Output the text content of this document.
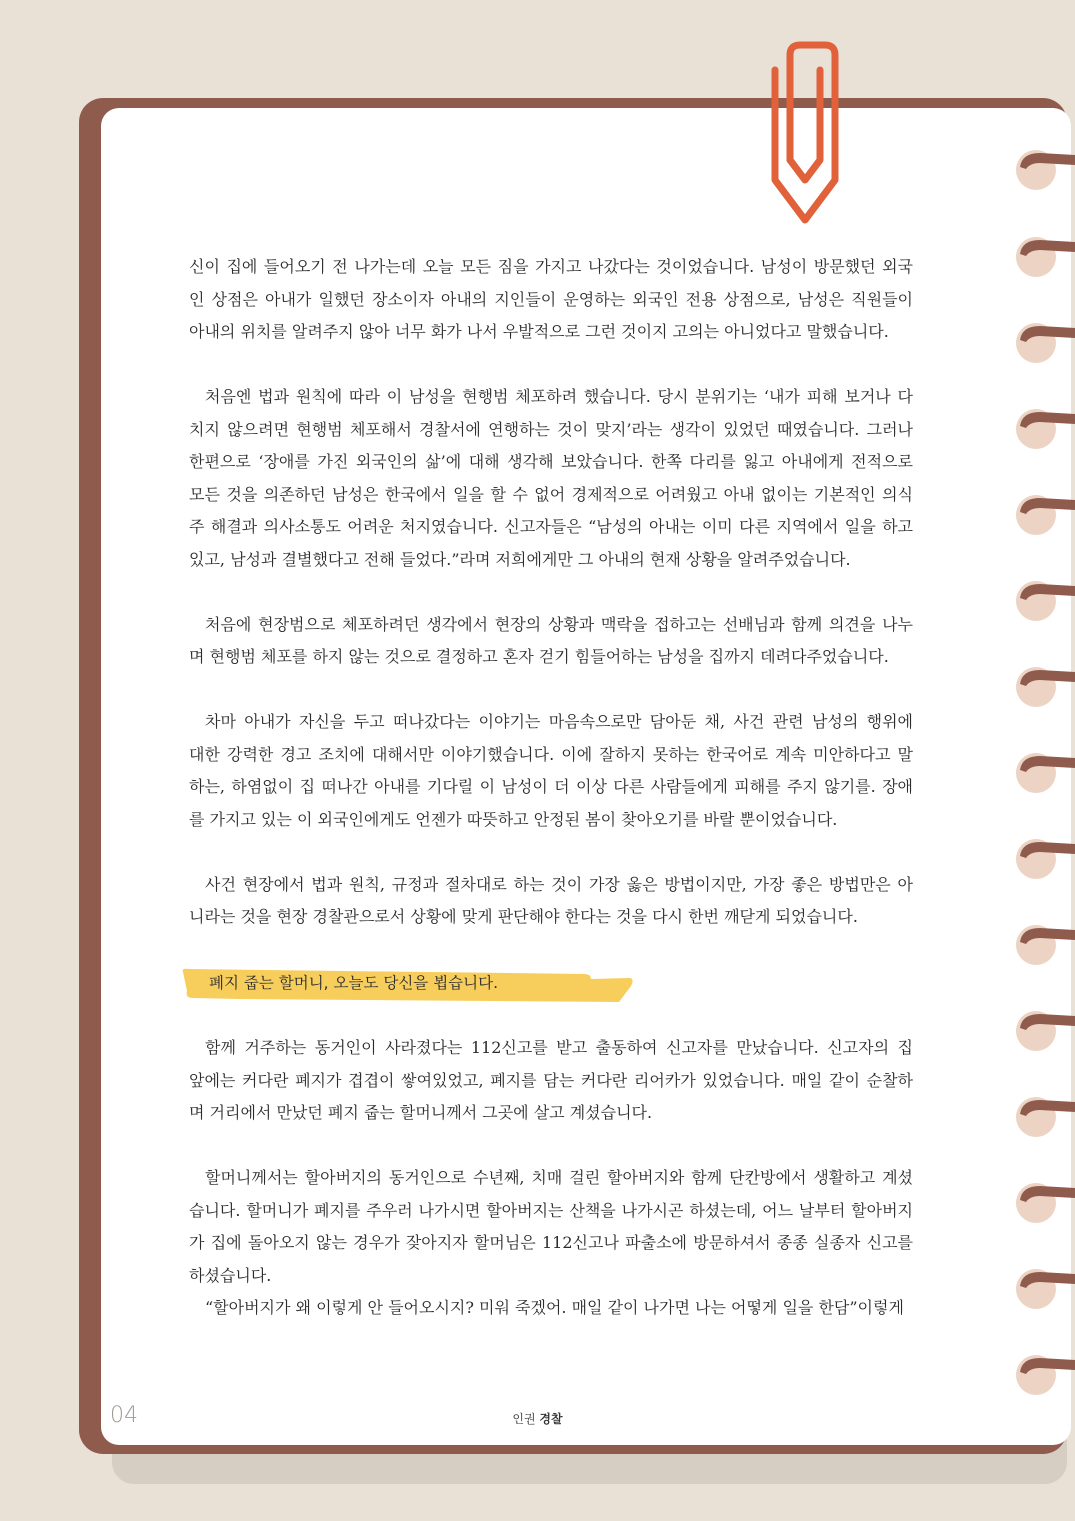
신이 집에 들어오기 전 나가는데 오늘 모든 짐을 가지고 나갔다는 것이었습니다. 남성이 방문했던 외국
인 상점은 아내가 일했던 장소이자 아내의 지인들이 운영하는 외국인 전용 상점으로, 남성은 직원들이
아내의 위치를 알려주지 않아 너무 화가 나서 우발적으로 그런 것이지 고의는 아니었다고 말했습니다.
처음엔 법과 원칙에 따라 이 남성을 현행범 체포하려 했습니다. 당시 분위기는 ‘내가 피해 보거나 다
치지 않으려면 현행범 체포해서 경찰서에 연행하는 것이 맞지’라는 생각이 있었던 때였습니다. 그러나
한편으로 ‘장애를 가진 외국인의 삶’에 대해 생각해 보았습니다. 한쪽 다리를 잃고 아내에게 전적으로
모든 것을 의존하던 남성은 한국에서 일을 할 수 없어 경제적으로 어려웠고 아내 없이는 기본적인 의식
주 해결과 의사소통도 어려운 처지였습니다. 신고자들은 “남성의 아내는 이미 다른 지역에서 일을 하고
있고, 남성과 결별했다고 전해 들었다.”라며 저희에게만 그 아내의 현재 상황을 알려주었습니다.
처음에 현장범으로 체포하려던 생각에서 현장의 상황과 맥락을 접하고는 선배님과 함께 의견을 나누
며 현행범 체포를 하지 않는 것으로 결정하고 혼자 걷기 힘들어하는 남성을 집까지 데려다주었습니다.
차마 아내가 자신을 두고 떠나갔다는 이야기는 마음속으로만 담아둔 채, 사건 관련 남성의 행위에
대한 강력한 경고 조치에 대해서만 이야기했습니다. 이에 잘하지 못하는 한국어로 계속 미안하다고 말
하는, 하염없이 집 떠나간 아내를 기다릴 이 남성이 더 이상 다른 사람들에게 피해를 주지 않기를. 장애
를 가지고 있는 이 외국인에게도 언젠가 따뜻하고 안정된 봄이 찾아오기를 바랄 뿐이었습니다.
사건 현장에서 법과 원칙, 규정과 절차대로 하는 것이 가장 옳은 방법이지만, 가장 좋은 방법만은 아
니라는 것을 현장 경찰관으로서 상황에 맞게 판단해야 한다는 것을 다시 한번 깨닫게 되었습니다.
폐지 줍는 할머니, 오늘도 당신을 뵙습니다.
함께 거주하는 동거인이 사라졌다는 112신고를 받고 출동하여 신고자를 만났습니다. 신고자의 집
앞에는 커다란 폐지가 겹겹이 쌓여있었고, 폐지를 담는 커다란 리어카가 있었습니다. 매일 같이 순찰하
며 거리에서 만났던 폐지 줍는 할머니께서 그곳에 살고 계셨습니다.
할머니께서는 할아버지의 동거인으로 수년째, 치매 걸린 할아버지와 함께 단칸방에서 생활하고 계셨
습니다. 할머니가 폐지를 주우러 나가시면 할아버지는 산책을 나가시곤 하셨는데, 어느 날부터 할아버지
가 집에 돌아오지 않는 경우가 잦아지자 할머님은 112신고나 파출소에 방문하셔서 종종 실종자 신고를
하셨습니다.
“할아버지가 왜 이렇게 안 들어오시지? 미워 죽겠어. 매일 같이 나가면 나는 어떻게 일을 한담”이렇게
04	인권 경찰
